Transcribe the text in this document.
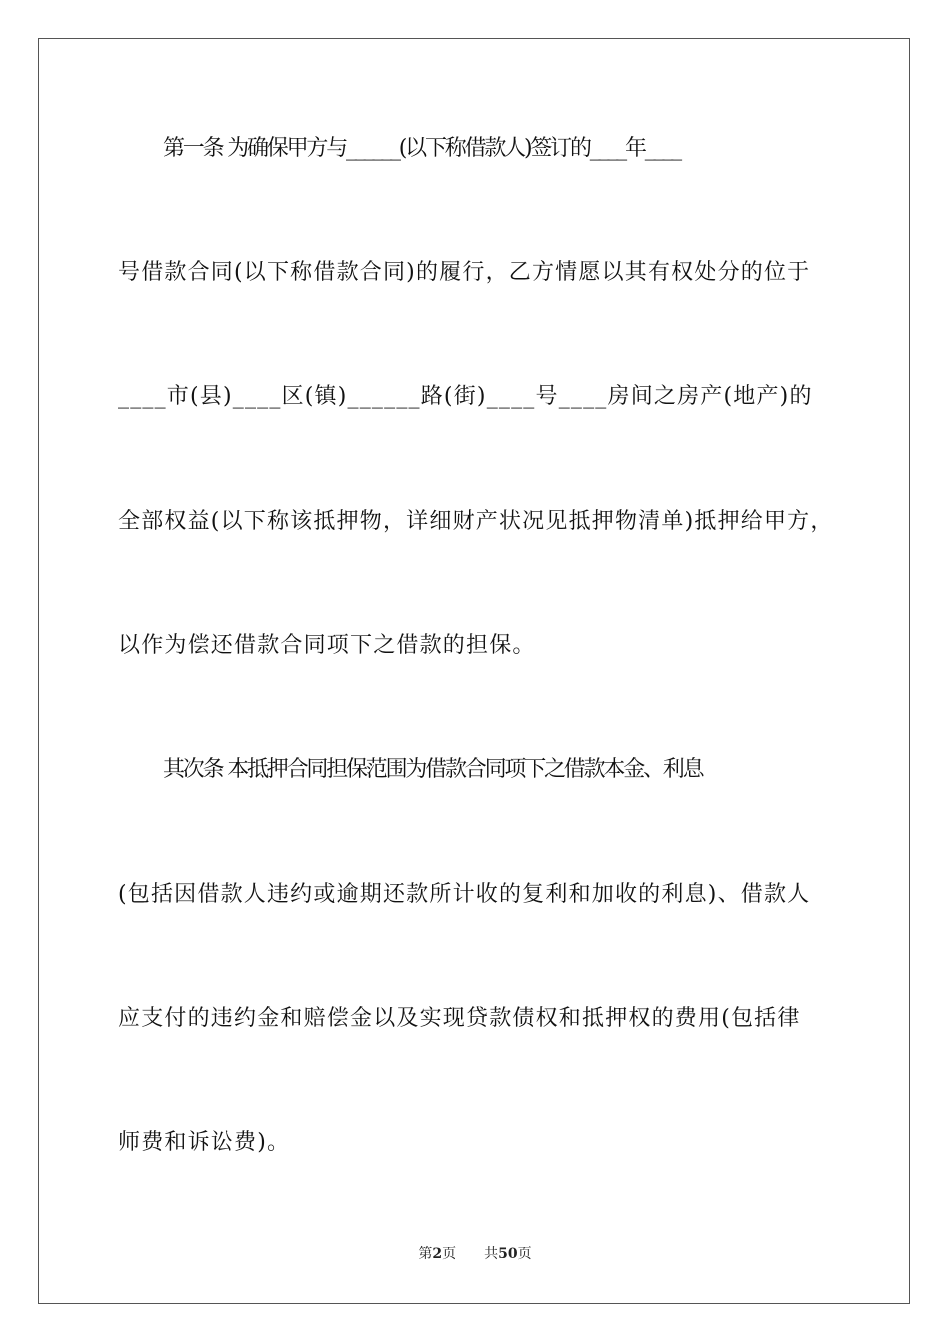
第一条 为确保甲方与______(以下称借款人)签订的____年____
号借款合同(以下称借款合同)的履行，乙方情愿以其有权处分的位于
____市(县)____区(镇)______路(街)____号____房间之房产(地产)的
全部权益(以下称该抵押物，详细财产状况见抵押物清单)抵押给甲方，
以作为偿还借款合同项下之借款的担保。
其次条 本抵押合同担保范围为借款合同项下之借款本金、利息
(包括因借款人违约或逾期还款所计收的复利和加收的利息)、借款人
应支付的违约金和赔偿金以及实现贷款债权和抵押权的费用(包括律
师费和诉讼费)。
第2页 共50页
